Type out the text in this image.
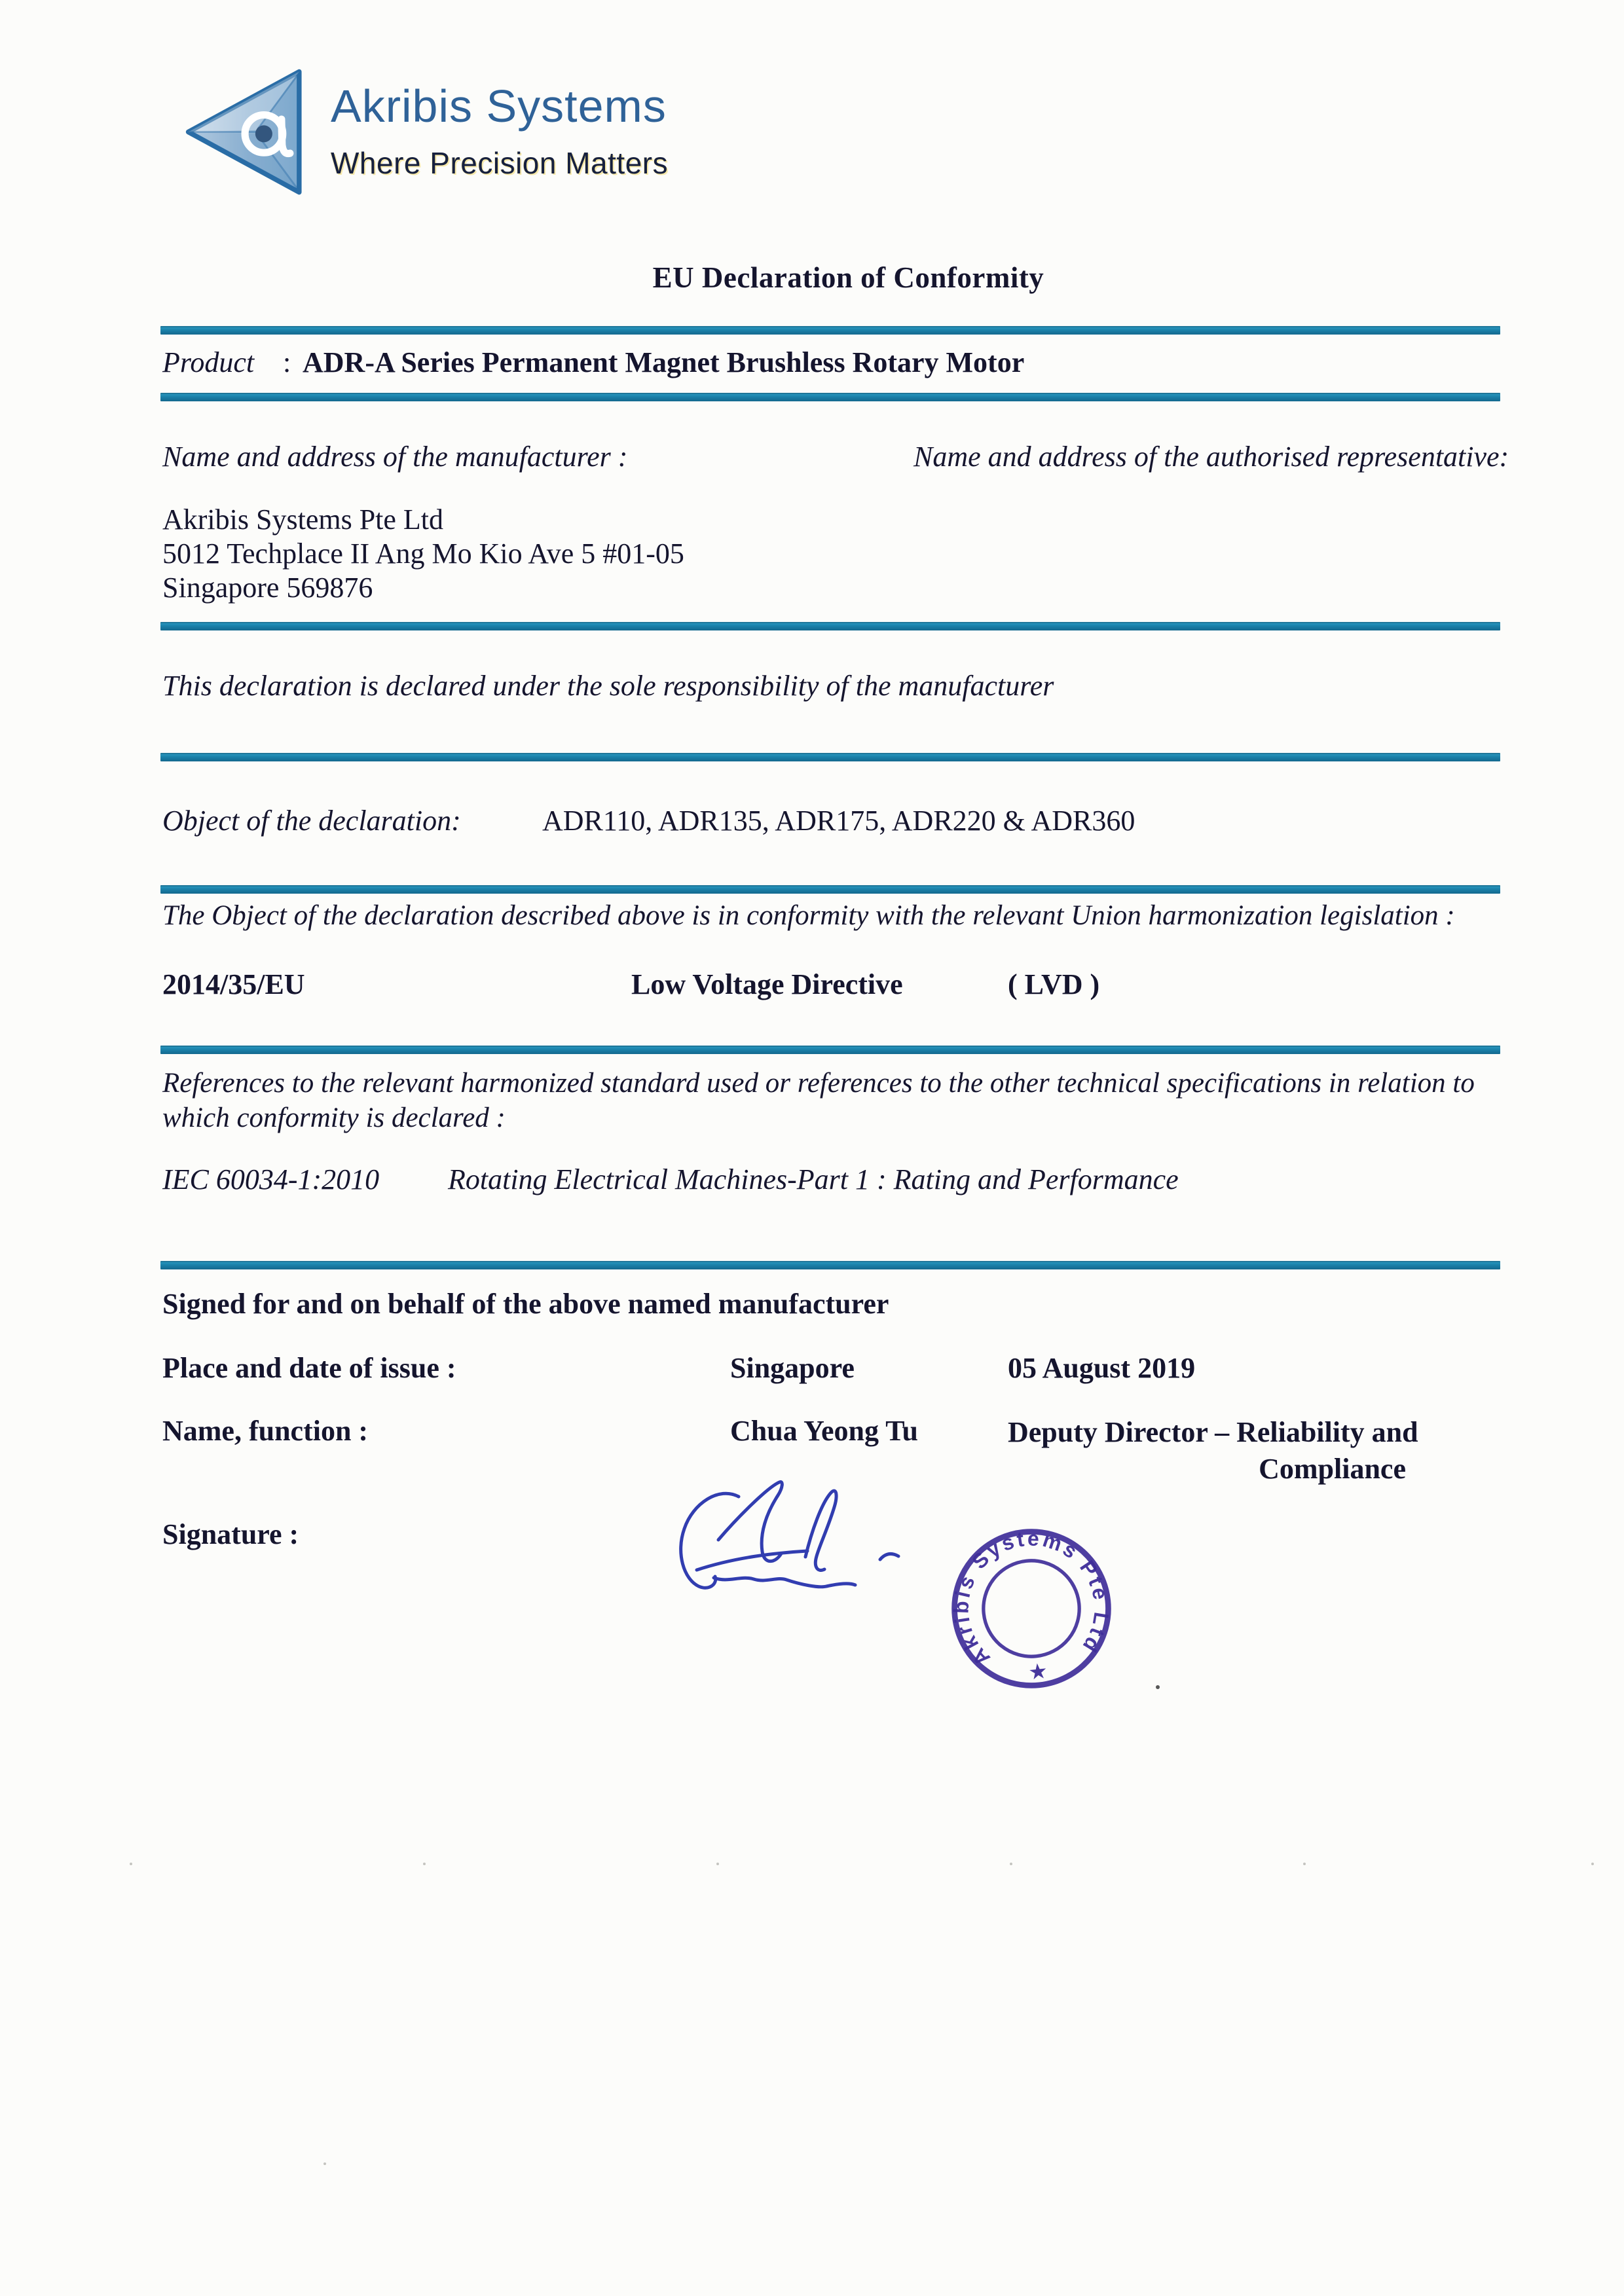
Akribis Systems
Where Precision Matters
EU Declaration of Conformity
Product : ADR-A Series Permanent Magnet Brushless Rotary Motor
Name and address of the manufacturer :	Name and address of the authorised representative:
Akribis Systems Pte Ltd
5012 Techplace II Ang Mo Kio Ave 5 #01-05
Singapore 569876
This declaration is declared under the sole responsibility of the manufacturer
Object of the declaration:	ADR110, ADR135, ADR175, ADR220 & ADR360
The Object of the declaration described above is in conformity with the relevant Union harmonization legislation :
2014/35/EU	Low Voltage Directive	( LVD )
References to the relevant harmonized standard used or references to the other technical specifications in relation to which conformity is declared :
IEC 60034-1:2010 Rotating Electrical Machines-Part 1 : Rating and Performance
Signed for and on behalf of the above named manufacturer
Place and date of issue :	Singapore	05 August 2019
Name, function :	Chua Yeong Tu	Deputy Director – Reliability and
Compliance
Signature :
Akribis Systems Pte Ltd
★
